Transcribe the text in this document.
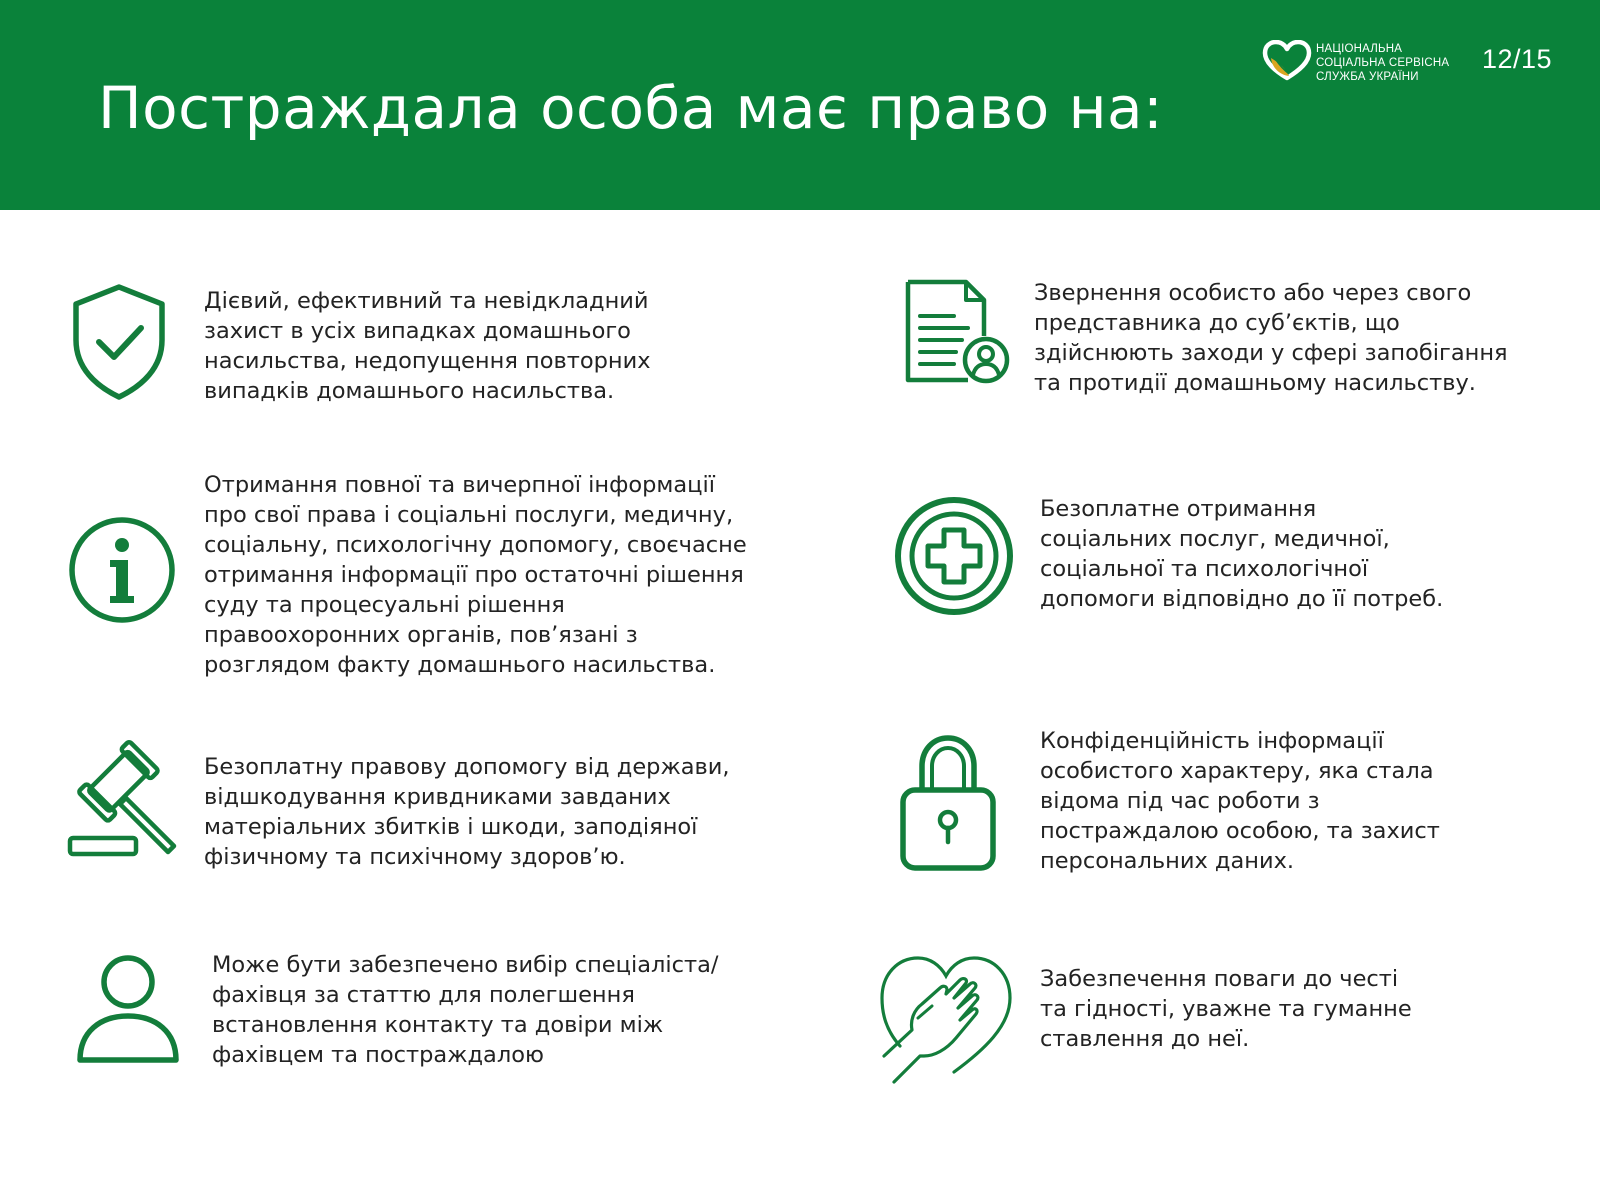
Постраждала особа має право на:
НАЦІОНАЛЬНА
СОЦІАЛЬНА СЕРВІСНА
СЛУЖБА УКРАЇНИ
12/15
Дієвий, ефективний та невідкладний
захист в усіх випадках домашнього
насильства, недопущення повторних
випадків домашнього насильства.
Звернення особисто або через свого
представника до суб’єктів, що
здійснюють заходи у сфері запобігання
та протидії домашньому насильству.
Отримання повної та вичерпної інформації
про свої права і соціальні послуги, медичну,
соціальну, психологічну допомогу, своєчасне
отримання інформації про остаточні рішення
суду та процесуальні рішення
правоохоронних органів, пов’язані з
розглядом факту домашнього насильства.
Безоплатне отримання
соціальних послуг, медичної,
соціальної та психологічної
допомоги відповідно до її потреб.
Безоплатну правову допомогу від держави,
відшкодування кривдниками завданих
матеріальних збитків і шкоди, заподіяної
фізичному та психічному здоров’ю.
Конфіденційність інформації
особистого характеру, яка стала
відома під час роботи з
постраждалою особою, та захист
персональних даних.
Може бути забезпечено вибір спеціаліста/
фахівця за статтю для полегшення
встановлення контакту та довіри між
фахівцем та постраждалою
Забезпечення поваги до честі
та гідності, уважне та гуманне
ставлення до неї.
